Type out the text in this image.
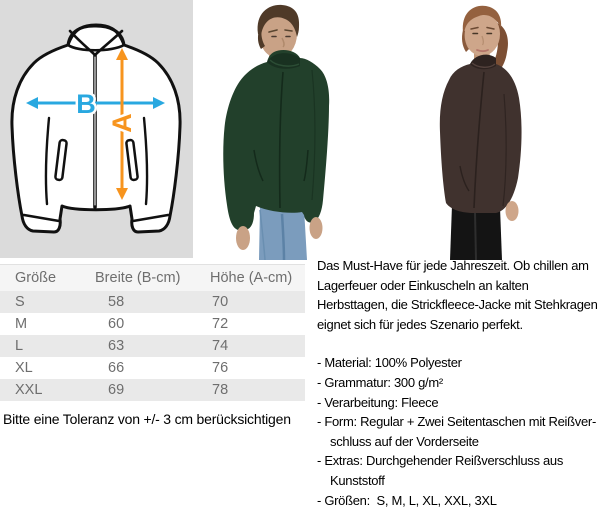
B
A
Größe	Breite (B-cm)	Höhe (A-cm)
S	58	70
M	60	72
L	63	74
XL	66	76
XXL	69	78
Bitte eine Toleranz von +/- 3 cm berücksichtigen

Das Must-Have für jede Jahreszeit. Ob chillen am Lagerfeuer oder Einkuscheln an kalten Herbsttagen, die Strickfleece-Jacke mit Stehkragen eignet sich für jedes Szenario perfekt.

- Material: 100% Polyester
- Grammatur: 300 g/m²
- Verarbeitung: Fleece
- Form: Regular + Zwei Seitentaschen mit Reißverschluss auf der Vorderseite
- Extras: Durchgehender Reißverschluss aus Kunststoff
- Größen:  S, M, L, XL, XXL, 3XL
